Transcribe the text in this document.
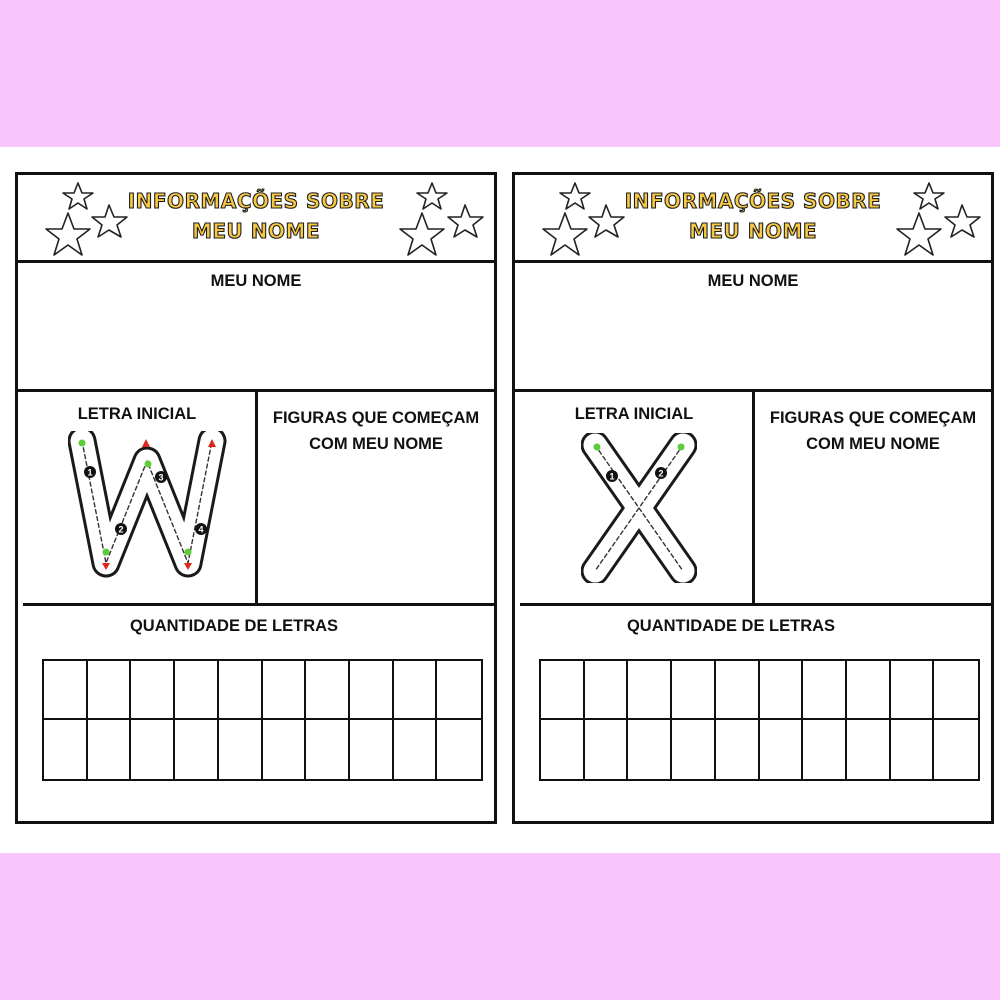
INFORMAÇÕES SOBRE
MEU NOME
MEU NOME
LETRA INICIAL	FIGURAS QUE COMEÇAM
COM MEU NOME
1
2
3
4
QUANTIDADE DE LETRAS
INFORMAÇÕES SOBRE
MEU NOME
MEU NOME
LETRA INICIAL	FIGURAS QUE COMEÇAM
COM MEU NOME
1	2
QUANTIDADE DE LETRAS
